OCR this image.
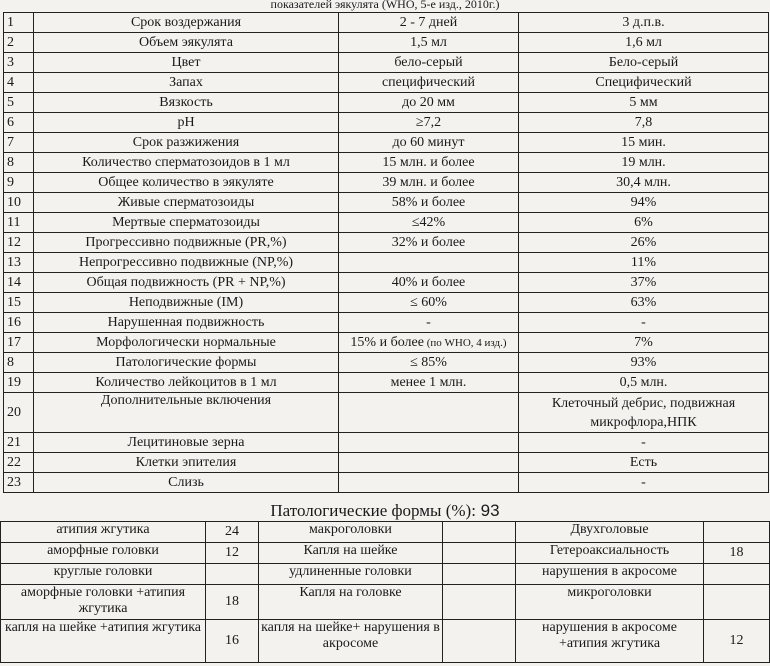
показателей эякулята (WHO, 5-е изд., 2010г.)
1	Срок воздержания	2 - 7 дней	3 д.п.в.
2	Объем эякулята	1,5 мл	1,6 мл
3	Цвет	бело-серый	Бело-серый
4	Запах	специфический	Специфический
5	Вязкость	до 20 мм	5 мм
6	pH	≥7,2	7,8
7	Срок разжижения	до 60 минут	15 мин.
8	Количество сперматозоидов в 1 мл	15 млн. и более	19 млн.
9	Общее количество в эякуляте	39 млн. и более	30,4 млн.
10	Живые сперматозоиды	58% и более	94%
11	Мертвые сперматозоиды	≤42%	6%
12	Прогрессивно подвижные (PR,%)	32% и более	26%
13	Непрогрессивно подвижные (NP,%)		11%
14	Общая подвижность (PR + NP,%)	40% и более	37%
15	Неподвижные (IM)	≤ 60%	63%
16	Нарушенная подвижность	-	-
17	Морфологически нормальные	15% и более (по WHO, 4 изд.)	7%
8	Патологические формы	≤ 85%	93%
19	Количество лейкоцитов в 1 мл	менее 1 млн.	0,5 млн.
20	Дополнительные включения		Клеточный дебрис, подвижная
микрофлора,НПК

21	Лецитиновые зерна		-
22	Клетки эпителия		Есть
23	Слизь		-
Патологические формы (%): 93
атипия жгутика	24	макроголовки		Двухголовые	
аморфные головки	12	Капля на шейке		Гетероаксиальность	18
круглые головки		удлиненные головки		нарушения в акросоме	
аморфные головки +атипия жгутика	18	Капля на головке		микроголовки	
капля на шейке +атипия жгутика	16	капля на шейке+ нарушения в акросоме		нарушения в акросоме +атипия жгутика	12
